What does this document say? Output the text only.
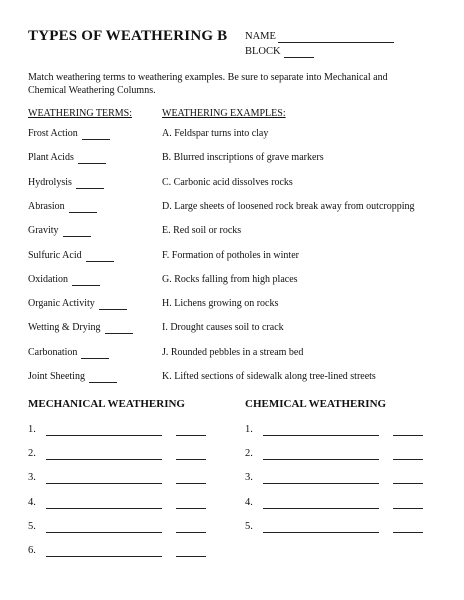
TYPES OF WEATHERING B NAME
BLOCK
Match weathering terms to weathering examples. Be sure to separate into Mechanical and Chemical Weathering Columns.
WEATHERING TERMS:	WEATHERING EXAMPLES:
Frost Action
Plant Acids
Hydrolysis
Abrasion
Gravity
Sulfuric Acid
Oxidation
Organic Activity
Wetting & Drying
Carbonation
Joint Sheeting
A. Feldspar turns into clay
B. Blurred inscriptions of grave markers
C. Carbonic acid dissolves rocks
D. Large sheets of loosened rock break away from outcropping
E. Red soil or rocks
F. Formation of potholes in winter
G. Rocks falling from high places
H. Lichens growing on rocks
I. Drought causes soil to crack
J. Rounded pebbles in a stream bed
K. Lifted sections of sidewalk along tree-lined streets
MECHANICAL WEATHERING	CHEMICAL WEATHERING
1.
2.
3.
4.
5.
6.
1.
2.
3.
4.
5.
